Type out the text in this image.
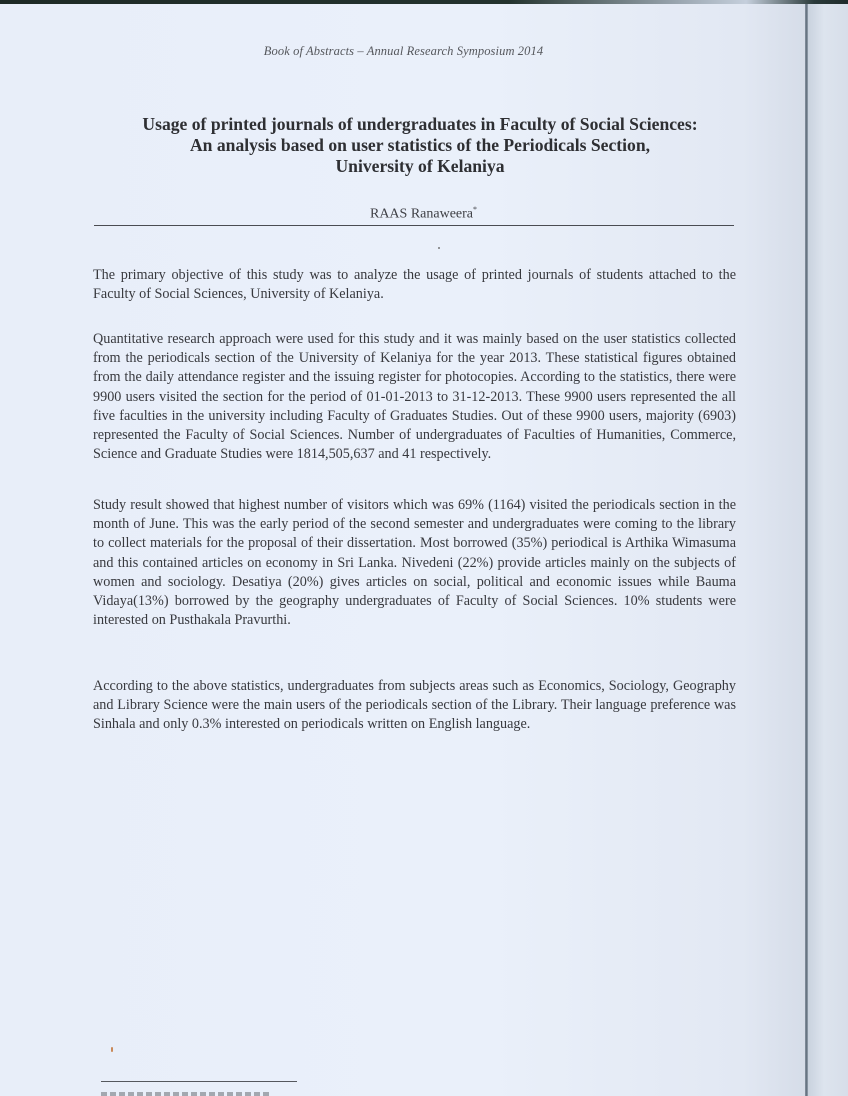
Book of Abstracts – Annual Research Symposium 2014
Usage of printed journals of undergraduates in Faculty of Social Sciences:
An analysis based on user statistics of the Periodicals Section,
University of Kelaniya
RAAS Ranaweera*

The primary objective of this study was to analyze the usage of printed journals of students attached to the Faculty of Social Sciences, University of Kelaniya.

Quantitative research approach were used for this study and it was mainly based on the user statistics collected from the periodicals section of the University of Kelaniya for the year 2013. These statistical figures obtained from the daily attendance register and the issuing register for photocopies. According to the statistics, there were 9900 users visited the section for the period of 01-01-2013 to 31-12-2013. These 9900 users represented the all five faculties in the university including Faculty of Graduates Studies. Out of these 9900 users, majority (6903) represented the Faculty of Social Sciences. Number of undergraduates of Faculties of Humanities, Commerce, Science and Graduate Studies were 1814,505,637 and 41 respectively.

Study result showed that highest number of visitors which was 69% (1164) visited the periodicals section in the month of June. This was the early period of the second semester and undergraduates were coming to the library to collect materials for the proposal of their dissertation. Most borrowed (35%) periodical is Arthika Wimasuma and this contained articles on economy in Sri Lanka. Nivedeni (22%) provide articles mainly on the subjects of women and sociology. Desatiya (20%) gives articles on social, political and economic issues while Bauma Vidaya(13%) borrowed by the geography undergraduates of Faculty of Social Sciences. 10% students were interested on Pusthakala Pravurthi.

According to the above statistics, undergraduates from subjects areas such as Economics, Sociology, Geography and Library Science were the main users of the periodicals section of the Library. Their language preference was Sinhala and only 0.3% interested on periodicals written on English language.
